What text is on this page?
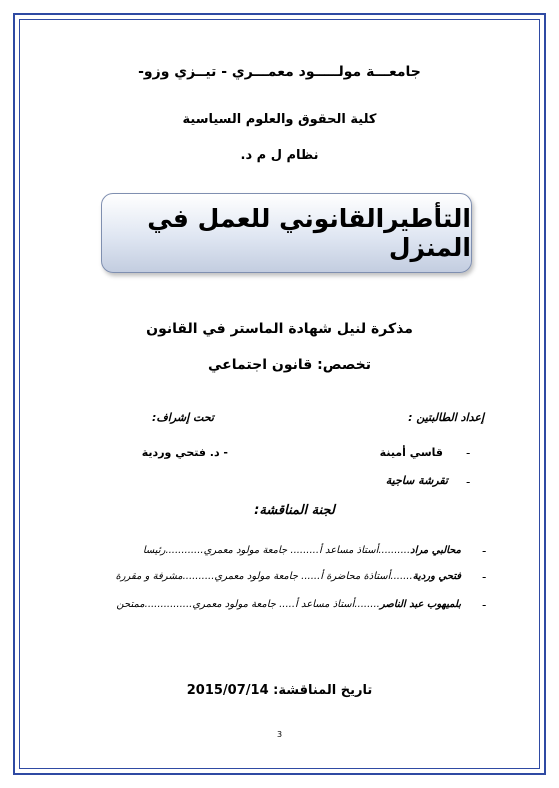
جامعـــة مولـــــود معمـــري - تيــزي وزو-
كلية الحقوق والعلوم السياسية
نظام ل م د.
التأطيرالقانوني للعمل في المنزل
مذكرة لنيل شهادة الماستر في القانون
تخصص: قانون اجتماعي
إعداد الطالبتين :
تحت إشراف:
-
قاسي أمينة
- د. فتحي وردية
-
تقرشة ساجية
لجنة المناقشة:
-
محالبي مراد..........أستاذ مساعد أ......... جامعة مولود معمري............رئيسا
-
فتحي وردية.......أستاذة محاضرة أ...... جامعة مولود معمري..........مشرفة و مقررة
-
بلميهوب عبد الناصر........أستاذ مساعد أ..... جامعة مولود معمري...............ممتحن
تاريخ المناقشة: 2015/07/14
3
